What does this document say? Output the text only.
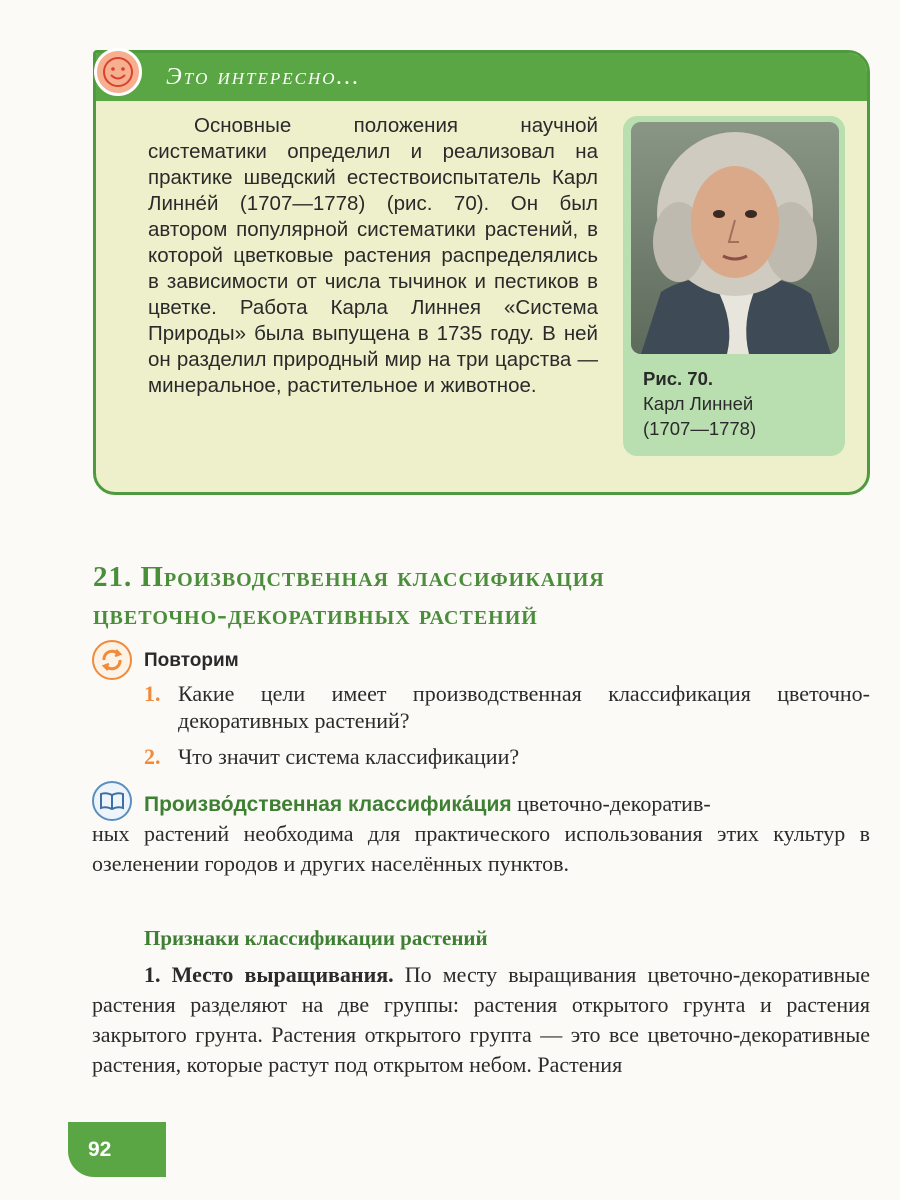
Это интересно...

Основные положения научной систематики определил и реализовал на практике шведский естествоиспытатель Карл Линне́й (1707—1778) (рис. 70). Он был автором популярной систематики растений, в которой цветковые растения распределялись в зависимости от числа тычинок и пестиков в цветке. Работа Карла Линнея «Система Природы» была выпущена в 1735 году. В ней он разделил природный мир на три царства — минеральное, растительное и животное.	Рис. 70.
Карл Линней
(1707—1778)
21. Производственная классификация
цветочно-декоративных растений
Повторим
1. Какие цели имеет производственная классификация цветочно-декоративных растений?
2. Что значит система классификации?
Произво́дственная классифика́ция цветочно-декоратив-
ных растений необходима для практического использования этих культур в озеленении городов и других населённых пунктов.
Признаки классификации растений

1. Место выращивания. По месту выращивания цветочно-декоративные растения разделяют на две группы: растения открытого грунта и растения закрытого грунта. Растения открытого групта — это все цветочно-декоративные растения, которые растут под открытом небом. Растения

92
